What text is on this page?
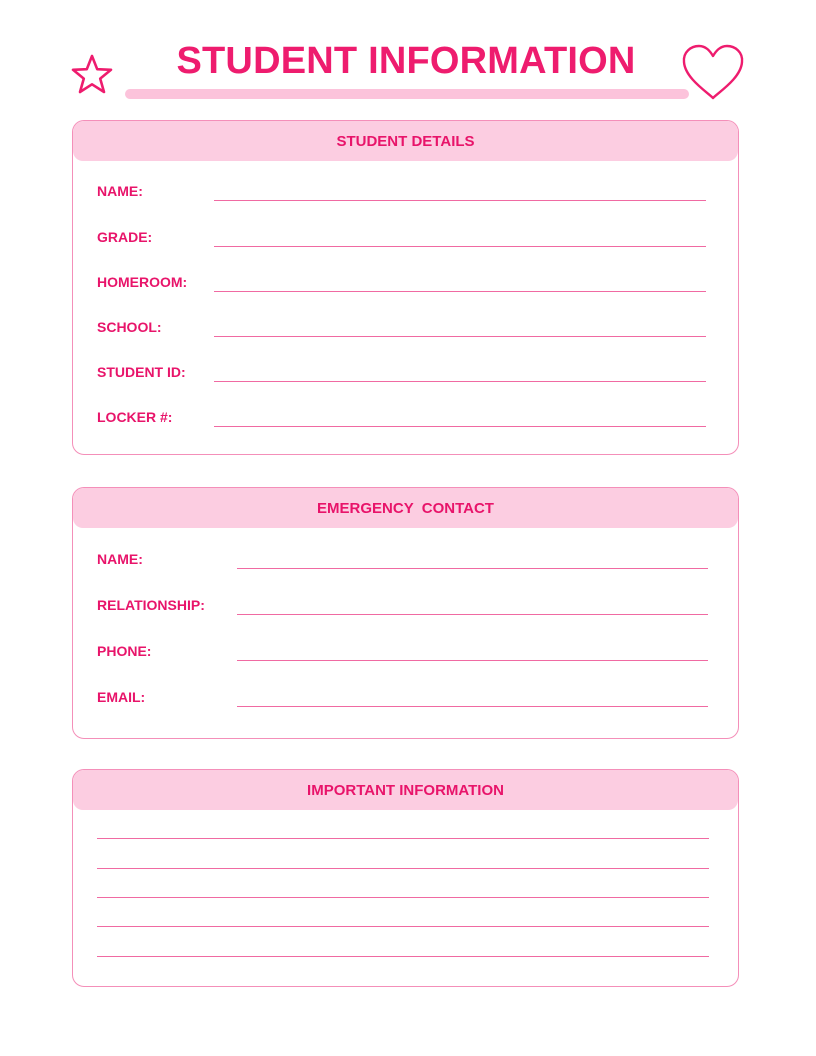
STUDENT INFORMATION
STUDENT DETAILS
NAME:
GRADE:
HOMEROOM:
SCHOOL:
STUDENT ID:
LOCKER #:
EMERGENCY  CONTACT
NAME:
RELATIONSHIP:
PHONE:
EMAIL:
IMPORTANT INFORMATION
